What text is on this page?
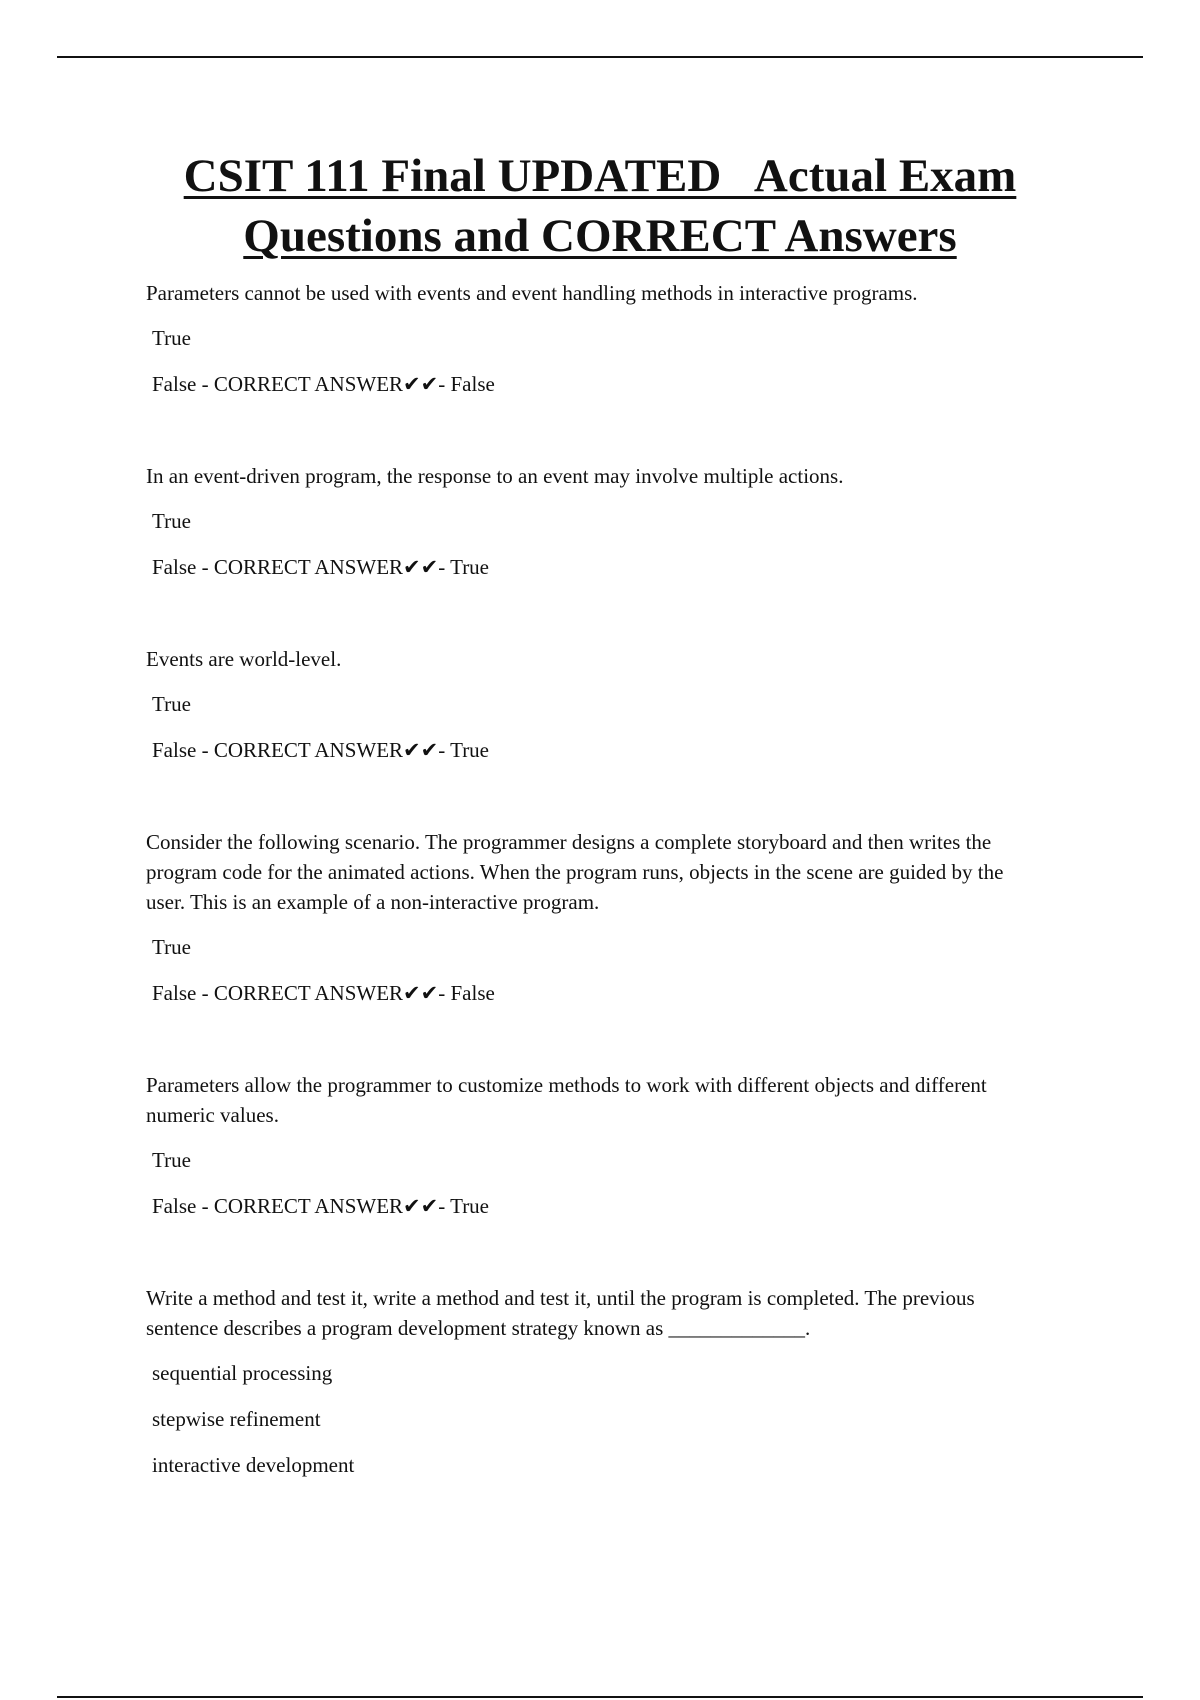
CSIT 111 Final UPDATED   Actual Exam
Questions and CORRECT Answers
Parameters cannot be used with events and event handling methods in interactive programs.
True
False - CORRECT ANSWER✔✔- False
In an event-driven program, the response to an event may involve multiple actions.
True
False - CORRECT ANSWER✔✔- True
Events are world-level.
True
False - CORRECT ANSWER✔✔- True
Consider the following scenario. The programmer designs a complete storyboard and then writes the program code for the animated actions. When the program runs, objects in the scene are guided by the user. This is an example of a non-interactive program.
True
False - CORRECT ANSWER✔✔- False
Parameters allow the programmer to customize methods to work with different objects and different numeric values.
True
False - CORRECT ANSWER✔✔- True
Write a method and test it, write a method and test it, until the program is completed. The previous sentence describes a program development strategy known as _____________.
sequential processing
stepwise refinement
interactive development
